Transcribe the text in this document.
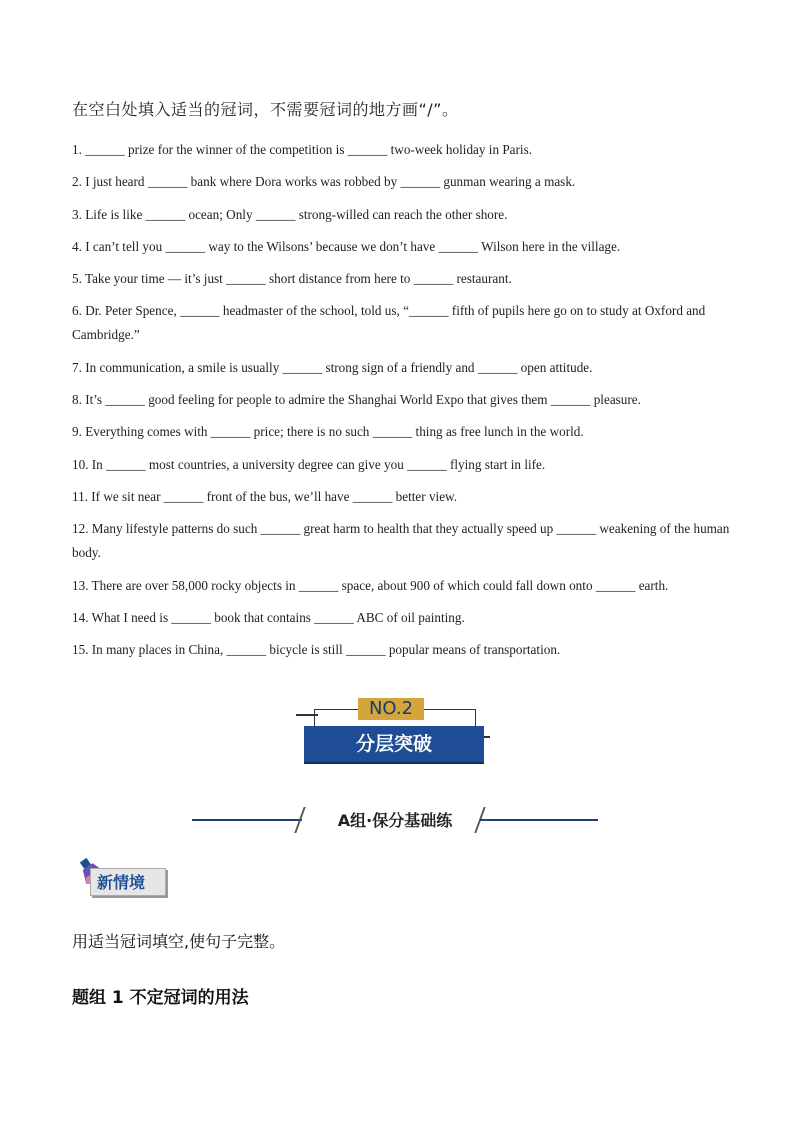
在空白处填入适当的冠词，不需要冠词的地方画“/”。

1. ______ prize for the winner of the competition is ______ two-week holiday in Paris.

2. I just heard ______ bank where Dora works was robbed by ______ gunman wearing a mask.

3. Life is like ______ ocean; Only ______ strong-willed can reach the other shore.

4. I can’t tell you ______ way to the Wilsons’ because we don’t have ______ Wilson here in the village.

5. Take your time — it’s just ______ short distance from here to ______ restaurant.

6. Dr. Peter Spence, ______ headmaster of the school, told us, “______ fifth of pupils here go on to study at Oxford and Cambridge.”

7. In communication, a smile is usually ______ strong sign of a friendly and ______ open attitude.

8. It’s ______ good feeling for people to admire the Shanghai World Expo that gives them ______ pleasure.

9. Everything comes with ______ price; there is no such ______ thing as free lunch in the world.

10. In ______ most countries, a university degree can give you ______ flying start in life.

11. If we sit near ______ front of the bus, we’ll have ______ better view.

12. Many lifestyle patterns do such ______ great harm to health that they actually speed up ______ weakening of the human body.

13. There are over 58,000 rocky objects in ______ space, about 900 of which could fall down onto ______ earth.

14. What I need is ______ book that contains ______ ABC of oil painting.

15. In many places in China, ______ bicycle is still ______ popular means of transportation.

NO.2
分层突破
A组·保分基础练
新情境
用适当冠词填空,使句子完整。
题组 1 不定冠词的用法
